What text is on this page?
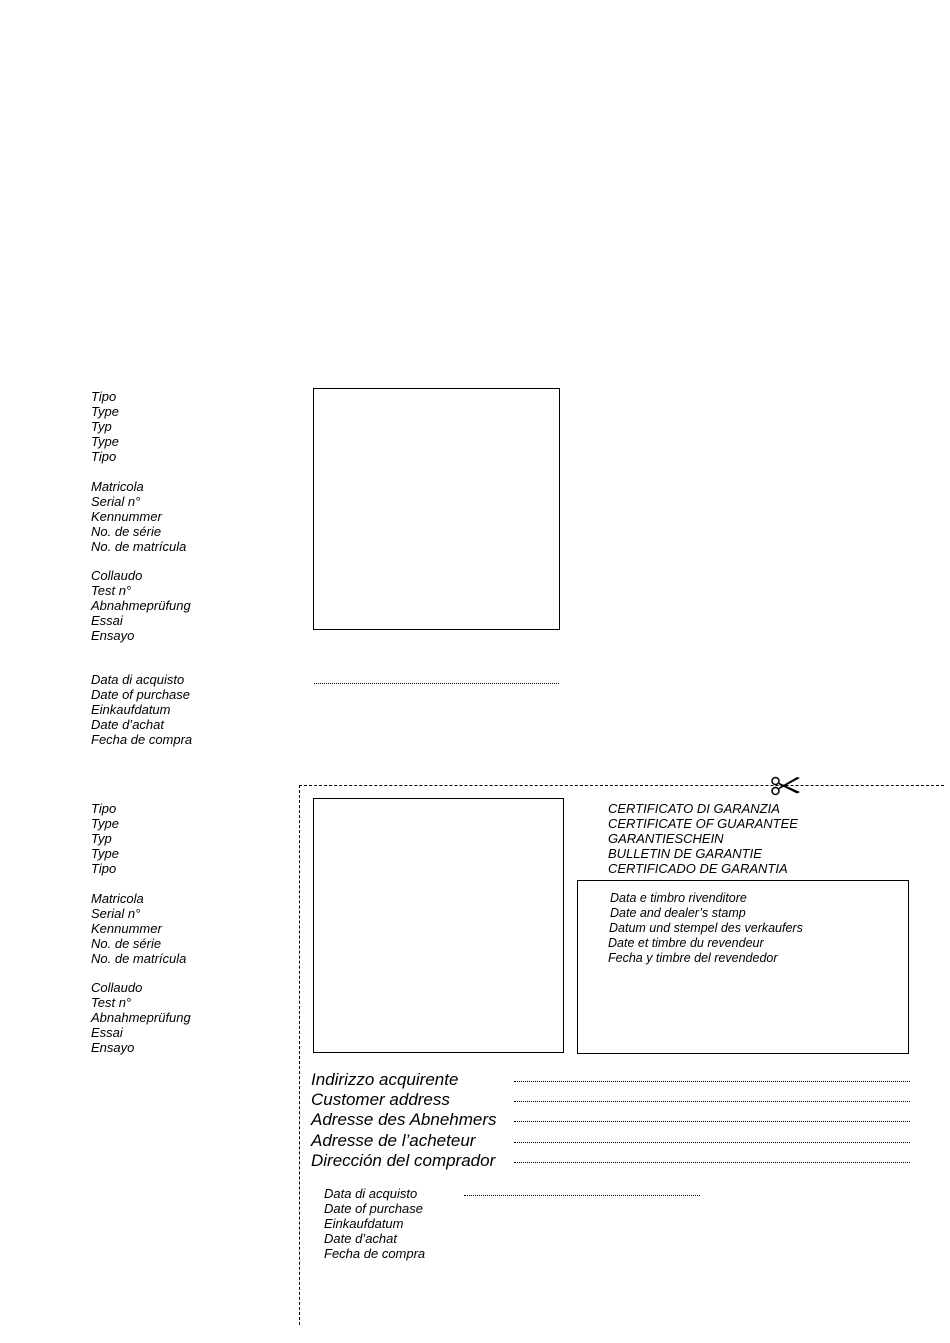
Tipo
Type
Typ
Type
Tipo
Matricola
Serial n°
Kennummer
No. de série
No. de matrícula
Collaudo
Test n°
Abnahmeprüfung
Essai
Ensayo
Data di acquisto
Date of purchase
Einkaufdatum
Date d’achat
Fecha de compra
Tipo
Type
Typ
Type
Tipo
Matricola
Serial n°
Kennummer
No. de série
No. de matrícula
Collaudo
Test n°
Abnahmeprüfung
Essai
Ensayo
CERTIFICATO DI GARANZIA
CERTIFICATE OF GUARANTEE
GARANTIESCHEIN
BULLETIN DE GARANTIE
CERTIFICADO DE GARANTIA
Data e timbro rivenditore
Date and dealer’s stamp
Datum und stempel des verkaufers
Date et timbre du revendeur
Fecha y timbre del revendedor
Indirizzo acquirente
Customer address
Adresse des Abnehmers
Adresse de l’acheteur
Dirección del comprador
Data di acquisto
Date of purchase
Einkaufdatum
Date d’achat
Fecha de compra
